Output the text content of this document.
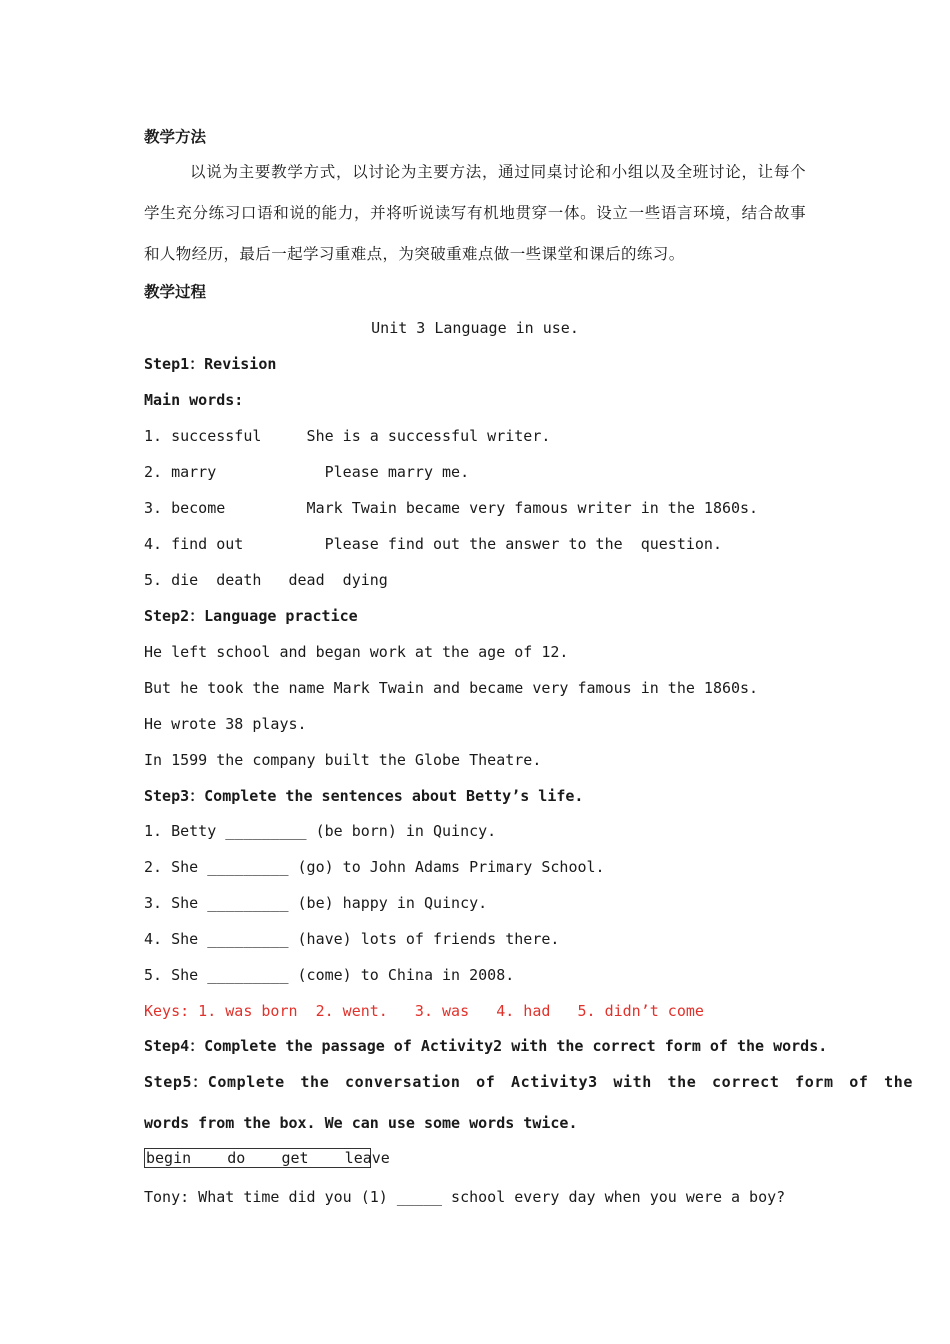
教学方法
以说为主要教学方式，以讨论为主要方法，通过同桌讨论和小组以及全班讨论，让每个学生充分练习口语和说的能力，并将听说读写有机地贯穿一体。设立一些语言环境，结合故事和人物经历，最后一起学习重难点，为突破重难点做一些课堂和课后的练习。
教学过程
Unit 3 Language in use.
Step1：Revision
Main words:
1. successful     She is a successful writer.
2. marry            Please marry me.
3. become         Mark Twain became very famous writer in the 1860s.
4. find out         Please find out the answer to the  question.
5. die  death   dead  dying
Step2：Language practice
He left school and began work at the age of 12.
But he took the name Mark Twain and became very famous in the 1860s.
He wrote 38 plays.
In 1599 the company built the Globe Theatre.
Step3：Complete the sentences about Betty’s life.
1. Betty _________ (be born) in Quincy.
2. She _________ (go) to John Adams Primary School.
3. She _________ (be) happy in Quincy.
4. She _________ (have) lots of friends there.
5. She _________ (come) to China in 2008.
Keys: 1. was born  2. went.   3. was   4. had   5. didn’t come
Step4：Complete the passage of Activity2 with the correct form of the words.
Step5：Complete the conversation of Activity3 with the correct form of the
words from the box. We can use some words twice.
begin    do    get    leave
Tony: What time did you (1) _____ school every day when you were a boy?
